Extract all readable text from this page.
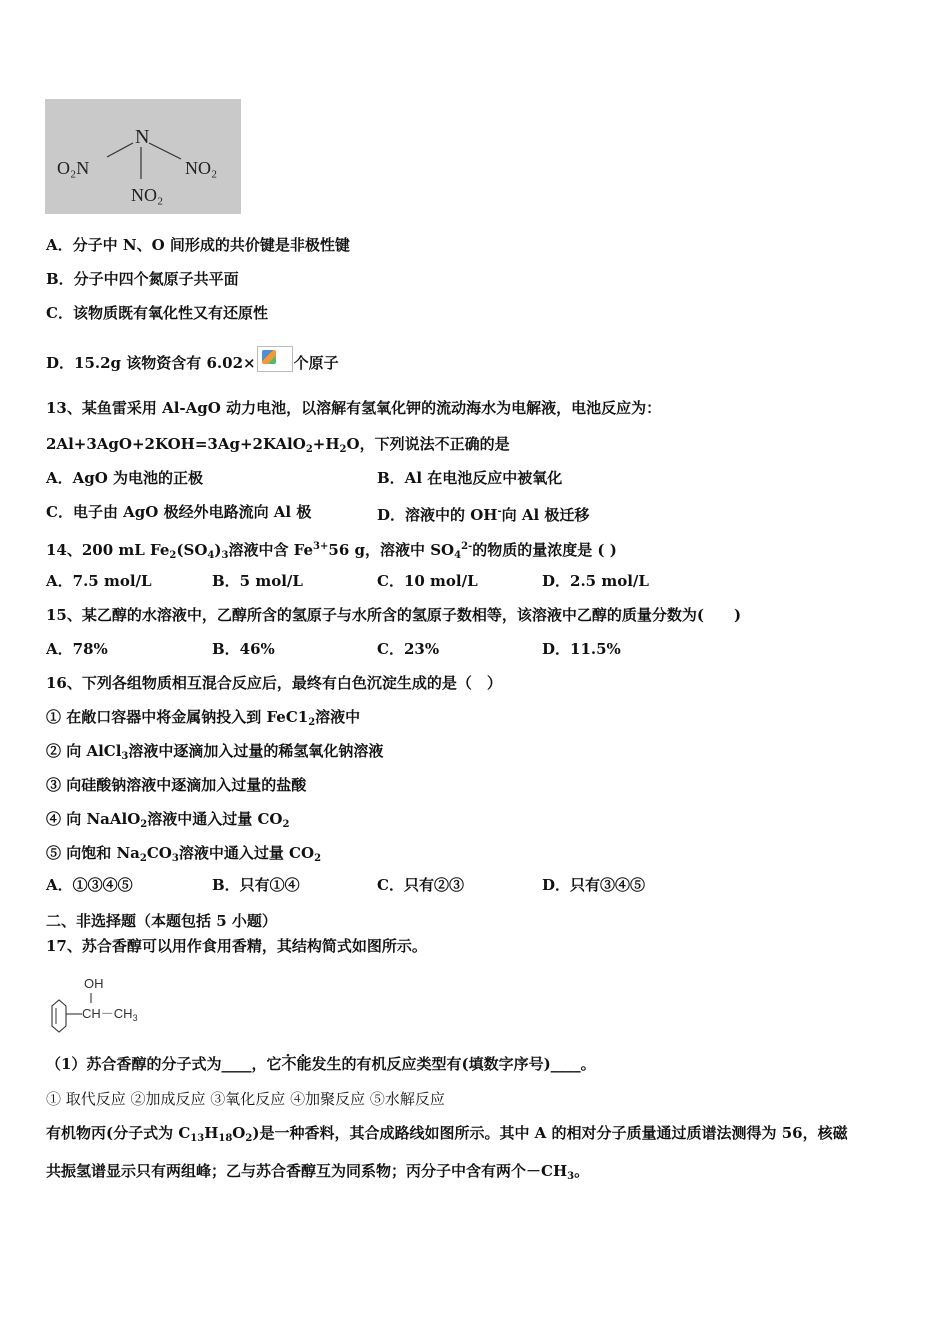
N
O₂N	NO₂
NO₂
A．分子中 N、O 间形成的共价键是非极性键
B．分子中四个氮原子共平面
C．该物质既有氧化性又有还原性
D．15.2g 该物资含有 6.02×	个原子
13、某鱼雷采用 Al-AgO 动力电池，以溶解有氢氧化钾的流动海水为电解液，电池反应为：
$2Al+3AgO+2KOH=3Ag+2KAlO_2+H_2O$，下列说法不正确的是
A．AgO 为电池的正极	B．Al 在电池反应中被氧化
C．电子由 AgO 极经外电路流向 Al 极	D．溶液中的 OH-向 Al 极迁移
14、200 mL $Fe_2(SO_4)_3$溶液中含 $Fe^{3+}56$ g，溶液中 $SO_4^{2-}$的物质的量浓度是 ( )
A．7.5 mol/L	B．5 mol/L	C．10 mol/L	D．2.5 mol/L
15、某乙醇的水溶液中，乙醇所含的氢原子与水所含的氢原子数相等，该溶液中乙醇的质量分数为(　　)
A．78%	B．46%	C．23%	D．11.5%
16、下列各组物质相互混合反应后，最终有白色沉淀生成的是（　）
① 在敞口容器中将金属钠投入到 $FeC1_2$溶液中
② 向 AlCl$_3$溶液中逐滴加入过量的稀氢氧化钠溶液
③ 向硅酸钠溶液中逐滴加入过量的盐酸
④ 向 NaAlO$_2$溶液中通入过量 $CO_2$
⑤ 向饱和 $Na_2CO_3$溶液中通入过量 $CO_2$
A．①③④⑤	B．只有①④	C．只有②③	D．只有③④⑤
二、非选择题（本题包括 5 小题）
17、苏合香醇可以用作食用香精，其结构简式如图所示。
OH
$CH-CH_3$
（1）苏合香醇的分子式为____，它不能发生的有机反应类型有(填数字序号)____。
① 取代反应 ②加成反应 ③氧化反应 ④加聚反应 ⑤水解反应
有机物丙(分子式为 $C_{13}H_{18}O_2$)是一种香料，其合成路线如图所示。其中 A 的相对分子质量通过质谱法测得为 56，核磁
共振氢谱显示只有两组峰；乙与苏合香醇互为同系物；丙分子中含有两个$-CH_3$。
